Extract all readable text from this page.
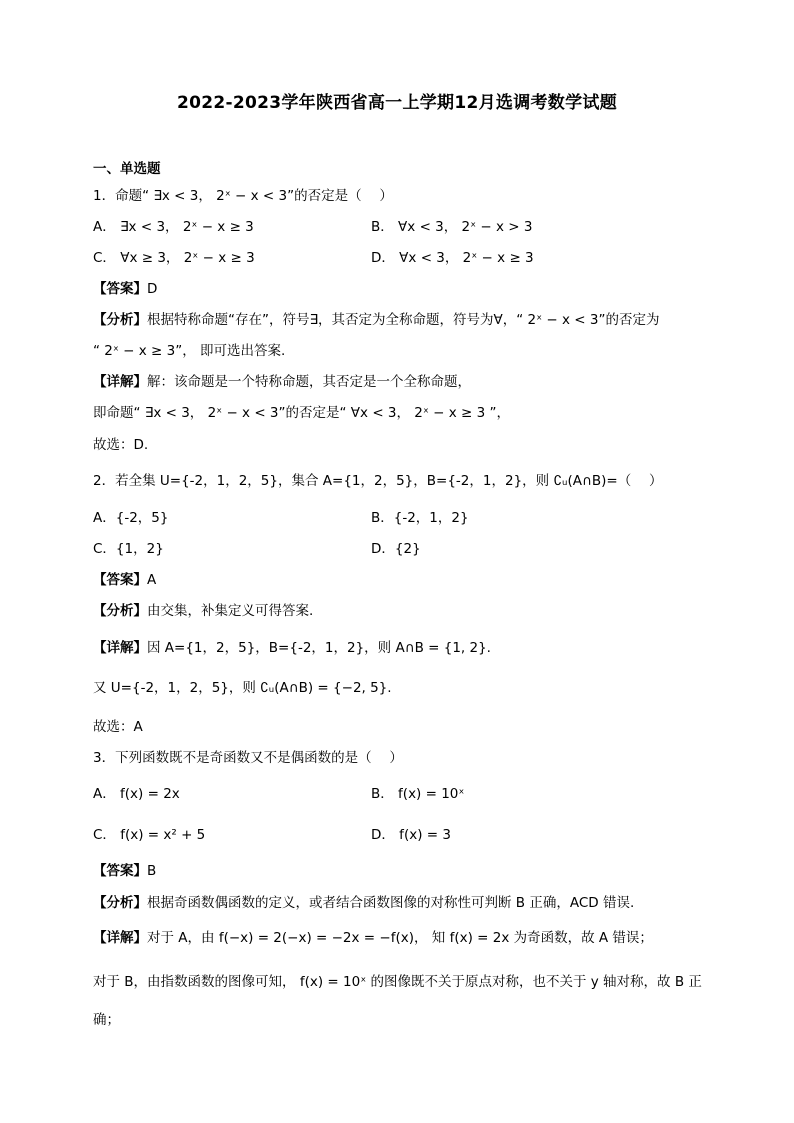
2022-2023学年陕西省高一上学期12月选调考数学试题
一、单选题
1．命题“ ∃x < 3， 2ˣ − x < 3”的否定是（　 ）
A． ∃x < 3， 2ˣ − x ≥ 3	B． ∀x < 3， 2ˣ − x > 3
C． ∀x ≥ 3， 2ˣ − x ≥ 3	D． ∀x < 3， 2ˣ − x ≥ 3
【答案】D
【分析】根据特称命题“存在”，符号∃，其否定为全称命题，符号为∀，“ 2ˣ − x < 3”的否定为
“ 2ˣ − x ≥ 3”， 即可选出答案.
【详解】解：该命题是一个特称命题，其否定是一个全称命题，
即命题“ ∃x < 3， 2ˣ − x < 3”的否定是“ ∀x < 3， 2ˣ − x ≥ 3 ”，
故选：D.
2．若全集 U={-2，1，2，5}，集合 A={1，2，5}，B={-2，1，2}，则 ∁ᵤ(A∩B)=（　 ）
A．{-2，5}	B．{-2，1，2}
C．{1，2}	D．{2}
【答案】A
【分析】由交集，补集定义可得答案.
【详解】因 A={1，2，5}，B={-2，1，2}，则 A∩B = {1, 2}.
又 U={-2，1，2，5}，则 ∁ᵤ(A∩B) = {−2, 5}.
故选：A
3．下列函数既不是奇函数又不是偶函数的是（　 ）
A． f(x) = 2x	B． f(x) = 10ˣ
C． f(x) = x² + 5	D． f(x) = 3
【答案】B
【分析】根据奇函数偶函数的定义，或者结合函数图像的对称性可判断 B 正确，ACD 错误.
【详解】对于 A，由 f(−x) = 2(−x) = −2x = −f(x)， 知 f(x) = 2x 为奇函数，故 A 错误；
对于 B，由指数函数的图像可知， f(x) = 10ˣ 的图像既不关于原点对称，也不关于 y 轴对称，故 B 正
确；
